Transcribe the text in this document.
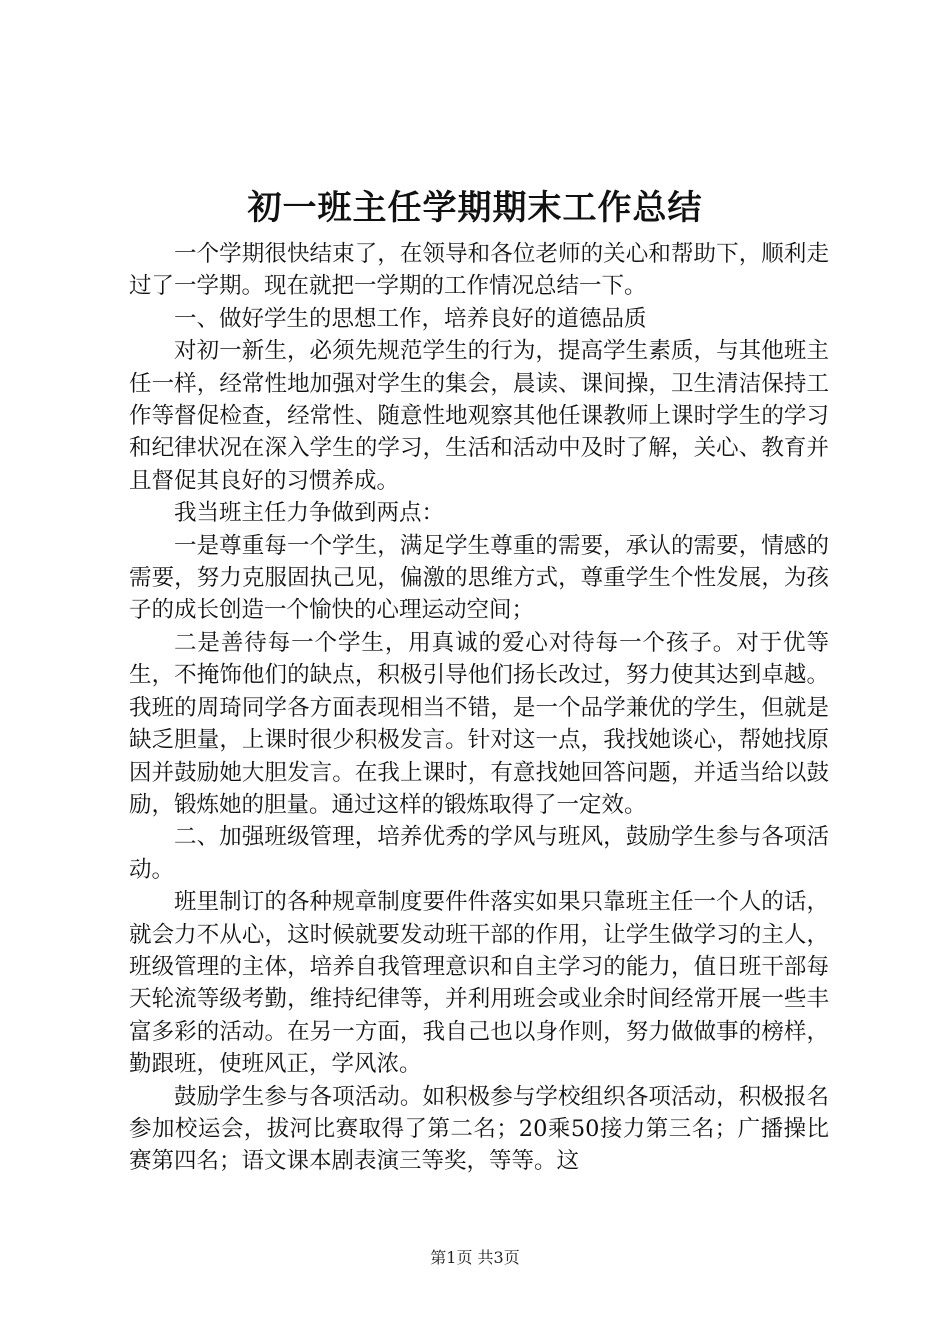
初一班主任学期期末工作总结

一个学期很快结束了，在领导和各位老师的关心和帮助下，顺利走过了一学期。现在就把一学期的工作情况总结一下。

一、做好学生的思想工作，培养良好的道德品质

对初一新生，必须先规范学生的行为，提高学生素质，与其他班主任一样，经常性地加强对学生的集会，晨读、课间操，卫生清洁保持工作等督促检查，经常性、随意性地观察其他任课教师上课时学生的学习和纪律状况在深入学生的学习，生活和活动中及时了解，关心、教育并且督促其良好的习惯养成。

我当班主任力争做到两点：

一是尊重每一个学生，满足学生尊重的需要，承认的需要，情感的需要，努力克服固执己见，偏激的思维方式，尊重学生个性发展，为孩子的成长创造一个愉快的心理运动空间；

二是善待每一个学生，用真诚的爱心对待每一个孩子。对于优等生，不掩饰他们的缺点，积极引导他们扬长改过，努力使其达到卓越。我班的周琦同学各方面表现相当不错，是一个品学兼优的学生，但就是缺乏胆量，上课时很少积极发言。针对这一点，我找她谈心，帮她找原因并鼓励她大胆发言。在我上课时，有意找她回答问题，并适当给以鼓励，锻炼她的胆量。通过这样的锻炼取得了一定效。

二、加强班级管理，培养优秀的学风与班风，鼓励学生参与各项活动。

班里制订的各种规章制度要件件落实如果只靠班主任一个人的话，就会力不从心，这时候就要发动班干部的作用，让学生做学习的主人，班级管理的主体，培养自我管理意识和自主学习的能力，值日班干部每天轮流等级考勤，维持纪律等，并利用班会或业余时间经常开展一些丰富多彩的活动。在另一方面，我自己也以身作则，努力做做事的榜样，勤跟班，使班风正，学风浓。

鼓励学生参与各项活动。如积极参与学校组织各项活动，积极报名参加校运会，拔河比赛取得了第二名；20乘50接力第三名；广播操比赛第四名；语文课本剧表演三等奖，等等。这

第1页 共3页
